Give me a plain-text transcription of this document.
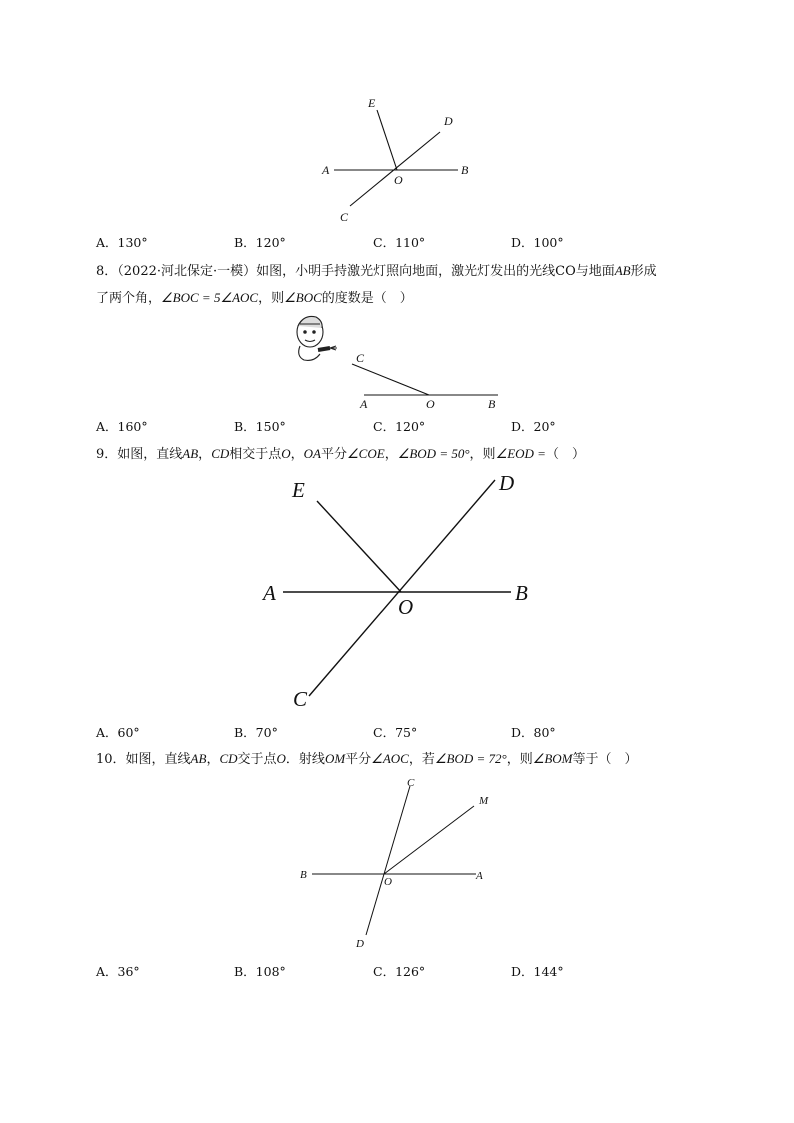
E
D
A
O
B
C
A．130°	B．120°	C．110°	D．100°
8．（2022·河北保定·一模）如图，小明手持激光灯照向地面，激光灯发出的光线CO与地面AB形成
了两个角，∠BOC = 5∠AOC，则∠BOC的度数是（　）
C
A	O	B
A．160°	B．150°	C．120°	D．20°
9．如图，直线AB，CD相交于点O，OA平分∠COE，∠BOD = 50°，则∠EOD =（　）
E	D
A
O
B
C
A．60°	B．70°	C．75°	D．80°
10．如图，直线AB，CD交于点O．射线OM平分∠AOC，若∠BOD = 72°，则∠BOM等于（　）
C
M
B
O	A
D
A．36°	B．108°	C．126°	D．144°
